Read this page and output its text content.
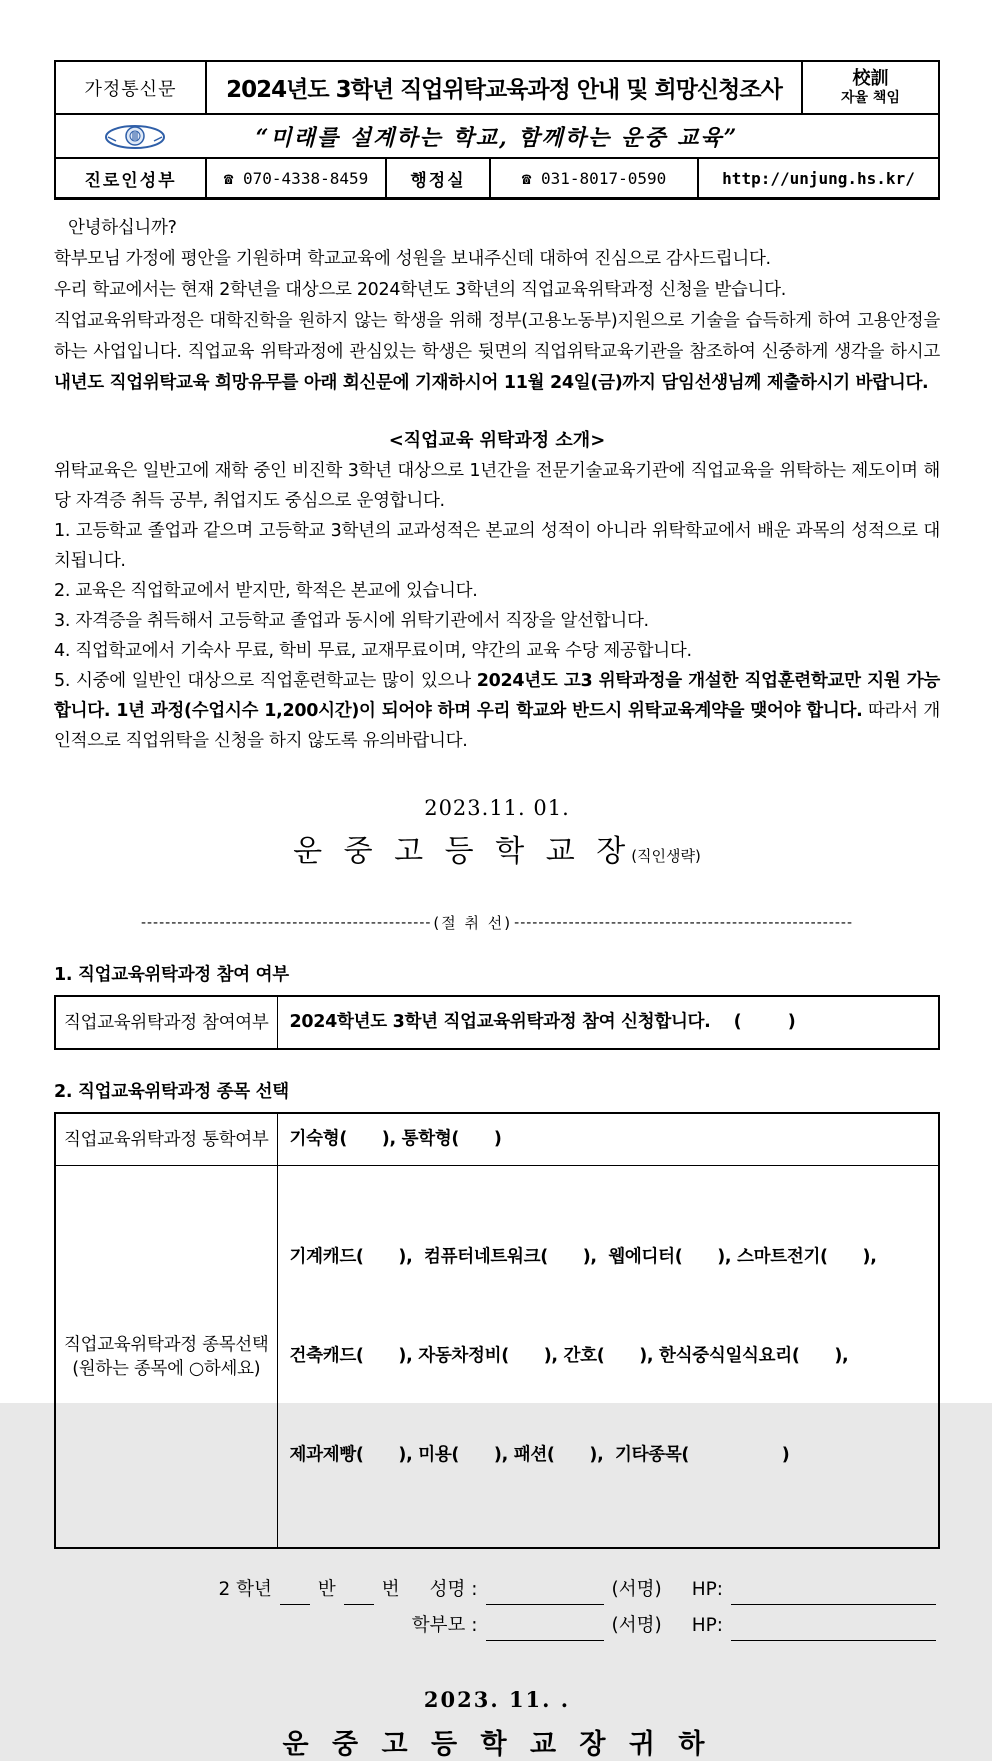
가정통신문	2024년도 3학년 직업위탁교육과정 안내 및 희망신청조사	校訓
자율 책임
“미래를 설계하는 학교, 함께하는 운중 교육”
진로인성부	☎ 070-4338-8459	행정실	☎ 031-8017-0590	http://unjung.hs.kr/

안녕하십니까?

학부모님 가정에 평안을 기원하며 학교교육에 성원을 보내주신데 대하여 진심으로 감사드립니다.

우리 학교에서는 현재 2학년을 대상으로 2024학년도 3학년의 직업교육위탁과정 신청을 받습니다.

직업교육위탁과정은 대학진학을 원하지 않는 학생을 위해 정부(고용노동부)지원으로 기술을 습득하게 하여 고용안정을 하는 사업입니다. 직업교육 위탁과정에 관심있는 학생은 뒷면의 직업위탁교육기관을 참조하여 신중하게 생각을 하시고 내년도 직업위탁교육 희망유무를 아래 회신문에 기재하시어 11월 24일(금)까지 담임선생님께 제출하시기 바랍니다.

<직업교육 위탁과정 소개>

위탁교육은 일반고에 재학 중인 비진학 3학년 대상으로 1년간을 전문기술교육기관에 직업교육을 위탁하는 제도이며 해당 자격증 취득 공부, 취업지도 중심으로 운영합니다.

1. 고등학교 졸업과 같으며 고등학교 3학년의 교과성적은 본교의 성적이 아니라 위탁학교에서 배운 과목의 성적으로 대치됩니다.

2. 교육은 직업학교에서 받지만, 학적은 본교에 있습니다.

3. 자격증을 취득해서 고등학교 졸업과 동시에 위탁기관에서 직장을 알선합니다.

4. 직업학교에서 기숙사 무료, 학비 무료, 교재무료이며, 약간의 교육 수당 제공합니다.

5. 시중에 일반인 대상으로 직업훈련학교는 많이 있으나 2024년도 고3 위탁과정을 개설한 직업훈련학교만 지원 가능합니다. 1년 과정(수업시수 1,200시간)이 되어야 하며 우리 학교와 반드시 위탁교육계약을 맺어야 합니다. 따라서 개인적으로 직업위탁을 신청을 하지 않도록 유의바랍니다.

2023.11. 01.
운 중 고 등 학 교 장(직인생략)
------------------------------------------------ (절 취 선) --------------------------------------------------------
1. 직업교육위탁과정 참여 여부
직업교육위탁과정 참여여부	2024학년도 3학년 직업교육위탁과정 참여 신청합니다.    (        )
2. 직업교육위탁과정 종목 선택
직업교육위탁과정 통학여부	기숙형(      ), 통학형(      )

직업교육위탁과정 종목선택
(원하는 종목에 ○하세요)

기계캐드(      ),  컴퓨터네트워크(      ),  웹에디터(      ), 스마트전기(      ),

건축캐드(      ), 자동차정비(      ), 간호(      ), 한식중식일식요리(      ),

제과제빵(      ), 미용(      ), 패션(      ),  기타종목(                )

2 학년 반 번 성명 :	(서명) HP:
학부모 :	(서명) HP:
2023. 11. .
운 중 고 등 학 교 장 귀 하
